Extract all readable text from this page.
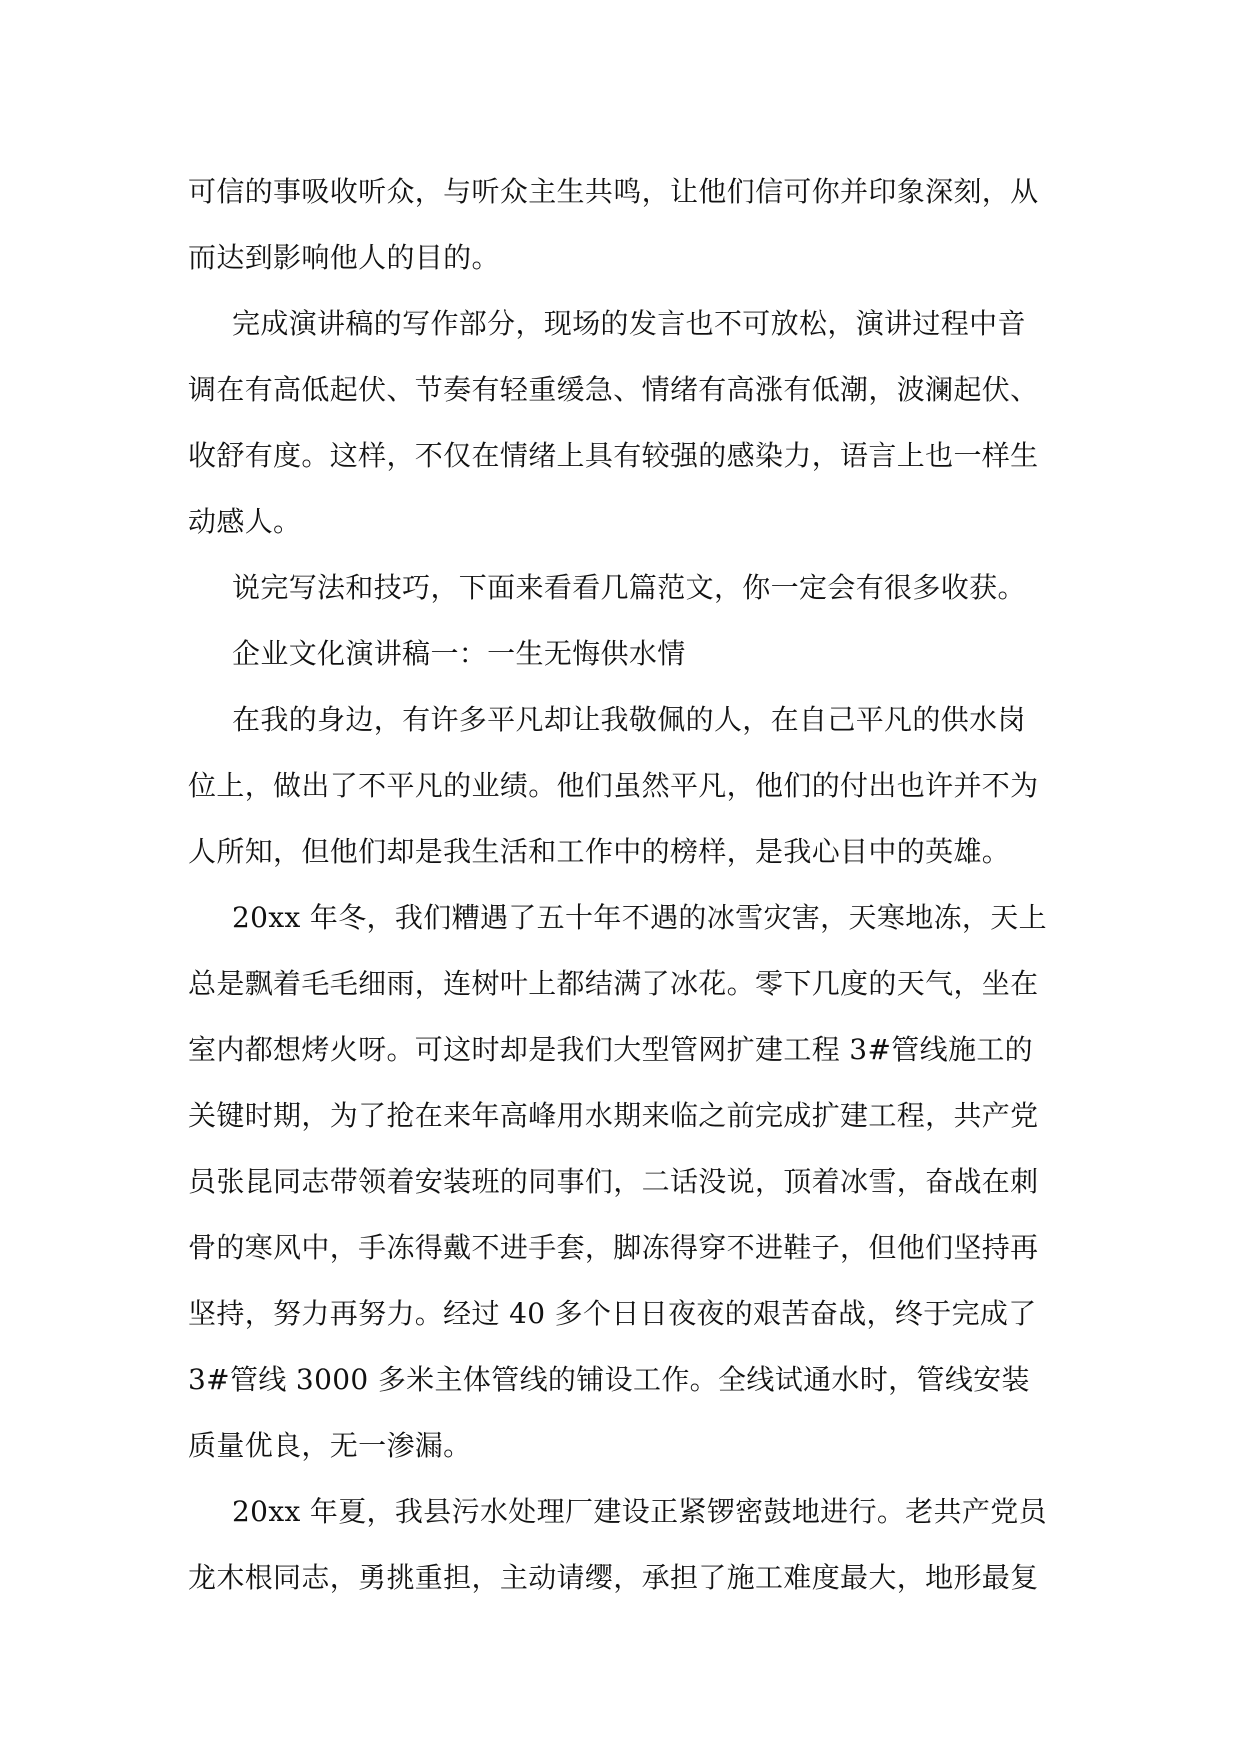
可信的事吸收听众，与听众主生共鸣，让他们信可你并印象深刻，从而达到影响他人的目的。

完成演讲稿的写作部分，现场的发言也不可放松，演讲过程中音调在有高低起伏、节奏有轻重缓急、情绪有高涨有低潮，波澜起伏、收舒有度。这样，不仅在情绪上具有较强的感染力，语言上也一样生动感人。

说完写法和技巧，下面来看看几篇范文，你一定会有很多收获。

企业文化演讲稿一：一生无悔供水情

在我的身边，有许多平凡却让我敬佩的人，在自己平凡的供水岗位上，做出了不平凡的业绩。他们虽然平凡，他们的付出也许并不为人所知，但他们却是我生活和工作中的榜样，是我心目中的英雄。

20xx 年冬，我们糟遇了五十年不遇的冰雪灾害，天寒地冻，天上总是飘着毛毛细雨，连树叶上都结满了冰花。零下几度的天气，坐在室内都想烤火呀。可这时却是我们大型管网扩建工程 3#管线施工的关键时期，为了抢在来年高峰用水期来临之前完成扩建工程，共产党员张昆同志带领着安装班的同事们，二话没说，顶着冰雪，奋战在刺骨的寒风中，手冻得戴不进手套，脚冻得穿不进鞋子，但他们坚持再坚持，努力再努力。经过 40 多个日日夜夜的艰苦奋战，终于完成了 3#管线 3000 多米主体管线的铺设工作。全线试通水时，管线安装质量优良，无一渗漏。

20xx 年夏，我县污水处理厂建设正紧锣密鼓地进行。老共产党员龙木根同志，勇挑重担，主动请缨，承担了施工难度最大，地形最复
